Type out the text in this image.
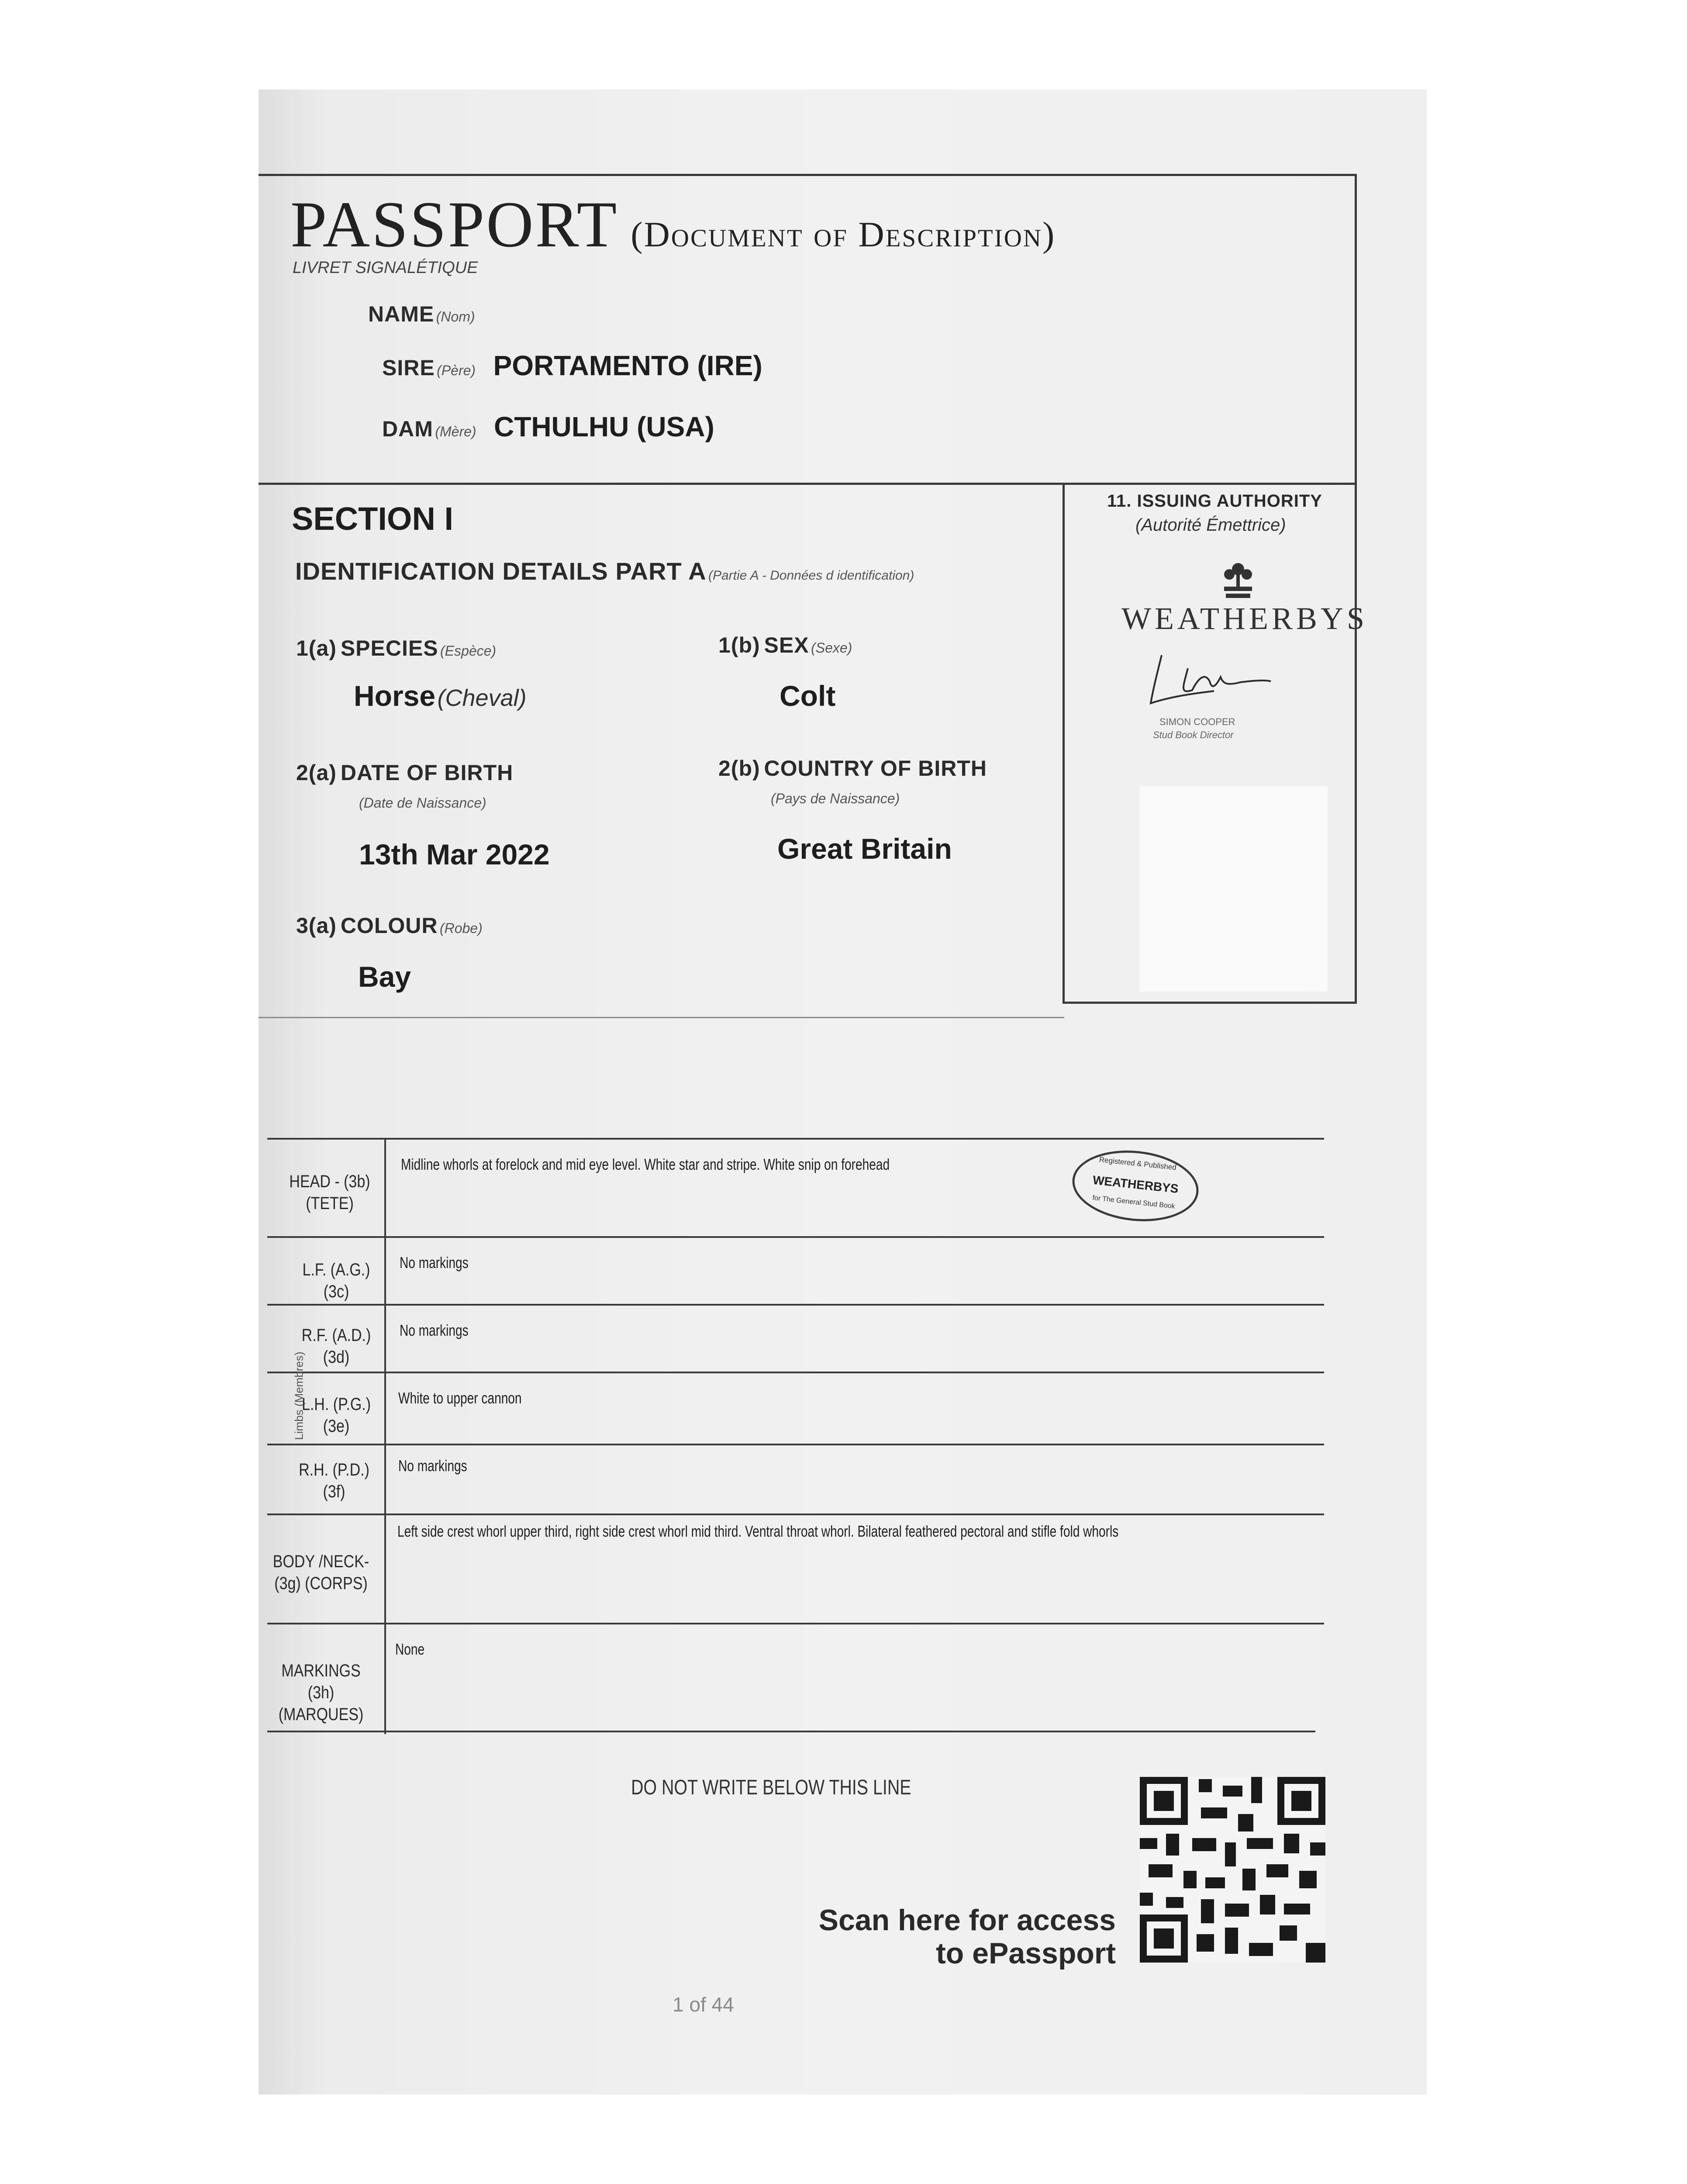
PASSPORT (Document of Description)
LIVRET SIGNALÉTIQUE
NAME (Nom)
SIRE (Père) PORTAMENTO (IRE)
DAM (Mère) CTHULHU (USA)
SECTION I
IDENTIFICATION DETAILS PART A (Partie A - Données d identification)
1(a) SPECIES (Espèce)
Horse (Cheval)
1(b) SEX (Sexe)
Colt
2(a) DATE OF BIRTH
(Date de Naissance)
13th Mar 2022
2(b) COUNTRY OF BIRTH
(Pays de Naissance)
Great Britain
3(a) COLOUR (Robe)
Bay
11. ISSUING AUTHORITY
(Autorité Émettrice)
WEATHERBYS
SIMON COOPER
Stud Book Director
Limbs (Membres)
HEAD - (3b) (TETE)
Midline whorls at forelock and mid eye level. White star and stripe. White snip on forehead
L.F. (A.G.) (3c)
No markings
R.F. (A.D.) (3d)
No markings
L.H. (P.G.) (3e)
White to upper cannon
R.H. (P.D.) (3f)
No markings
BODY /NECK- (3g) (CORPS)
Left side crest whorl upper third, right side crest whorl mid third. Ventral throat whorl. Bilateral feathered pectoral and stifle fold whorls
MARKINGS (3h) (MARQUES)
None
Registered & Published
WEATHERBYS
for The General Stud Book
DO NOT WRITE BELOW THIS LINE
Scan here for access
to ePassport
1 of 44
